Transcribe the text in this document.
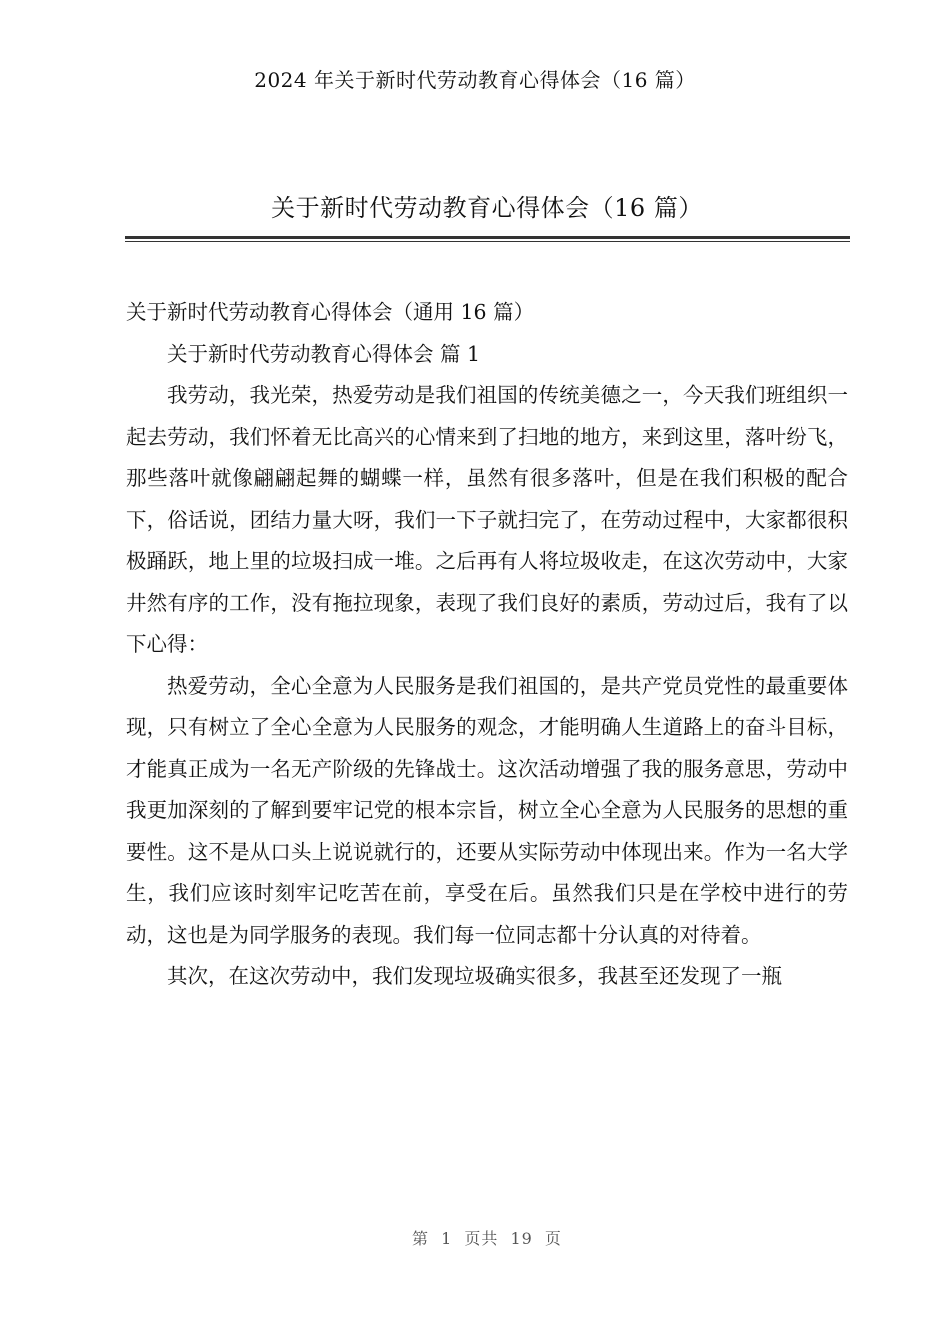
2024 年关于新时代劳动教育心得体会（16 篇）
关于新时代劳动教育心得体会（16 篇）

关于新时代劳动教育心得体会（通用 16 篇）

关于新时代劳动教育心得体会 篇 1

我劳动，我光荣，热爱劳动是我们祖国的传统美德之一，今天我们班组织一起去劳动，我们怀着无比高兴的心情来到了扫地的地方，来到这里，落叶纷飞，那些落叶就像翩翩起舞的蝴蝶一样，虽然有很多落叶，但是在我们积极的配合下，俗话说，团结力量大呀，我们一下子就扫完了，在劳动过程中，大家都很积极踊跃，地上里的垃圾扫成一堆。之后再有人将垃圾收走，在这次劳动中，大家井然有序的工作，没有拖拉现象，表现了我们良好的素质，劳动过后，我有了以下心得：

热爱劳动，全心全意为人民服务是我们祖国的，是共产党员党性的最重要体现，只有树立了全心全意为人民服务的观念，才能明确人生道路上的奋斗目标，才能真正成为一名无产阶级的先锋战士。这次活动增强了我的服务意思，劳动中我更加深刻的了解到要牢记党的根本宗旨，树立全心全意为人民服务的思想的重要性。这不是从口头上说说就行的，还要从实际劳动中体现出来。作为一名大学生，我们应该时刻牢记吃苦在前，享受在后。虽然我们只是在学校中进行的劳动，这也是为同学服务的表现。我们每一位同志都十分认真的对待着。

其次，在这次劳动中，我们发现垃圾确实很多，我甚至还发现了一瓶

第 1 页共 19 页
